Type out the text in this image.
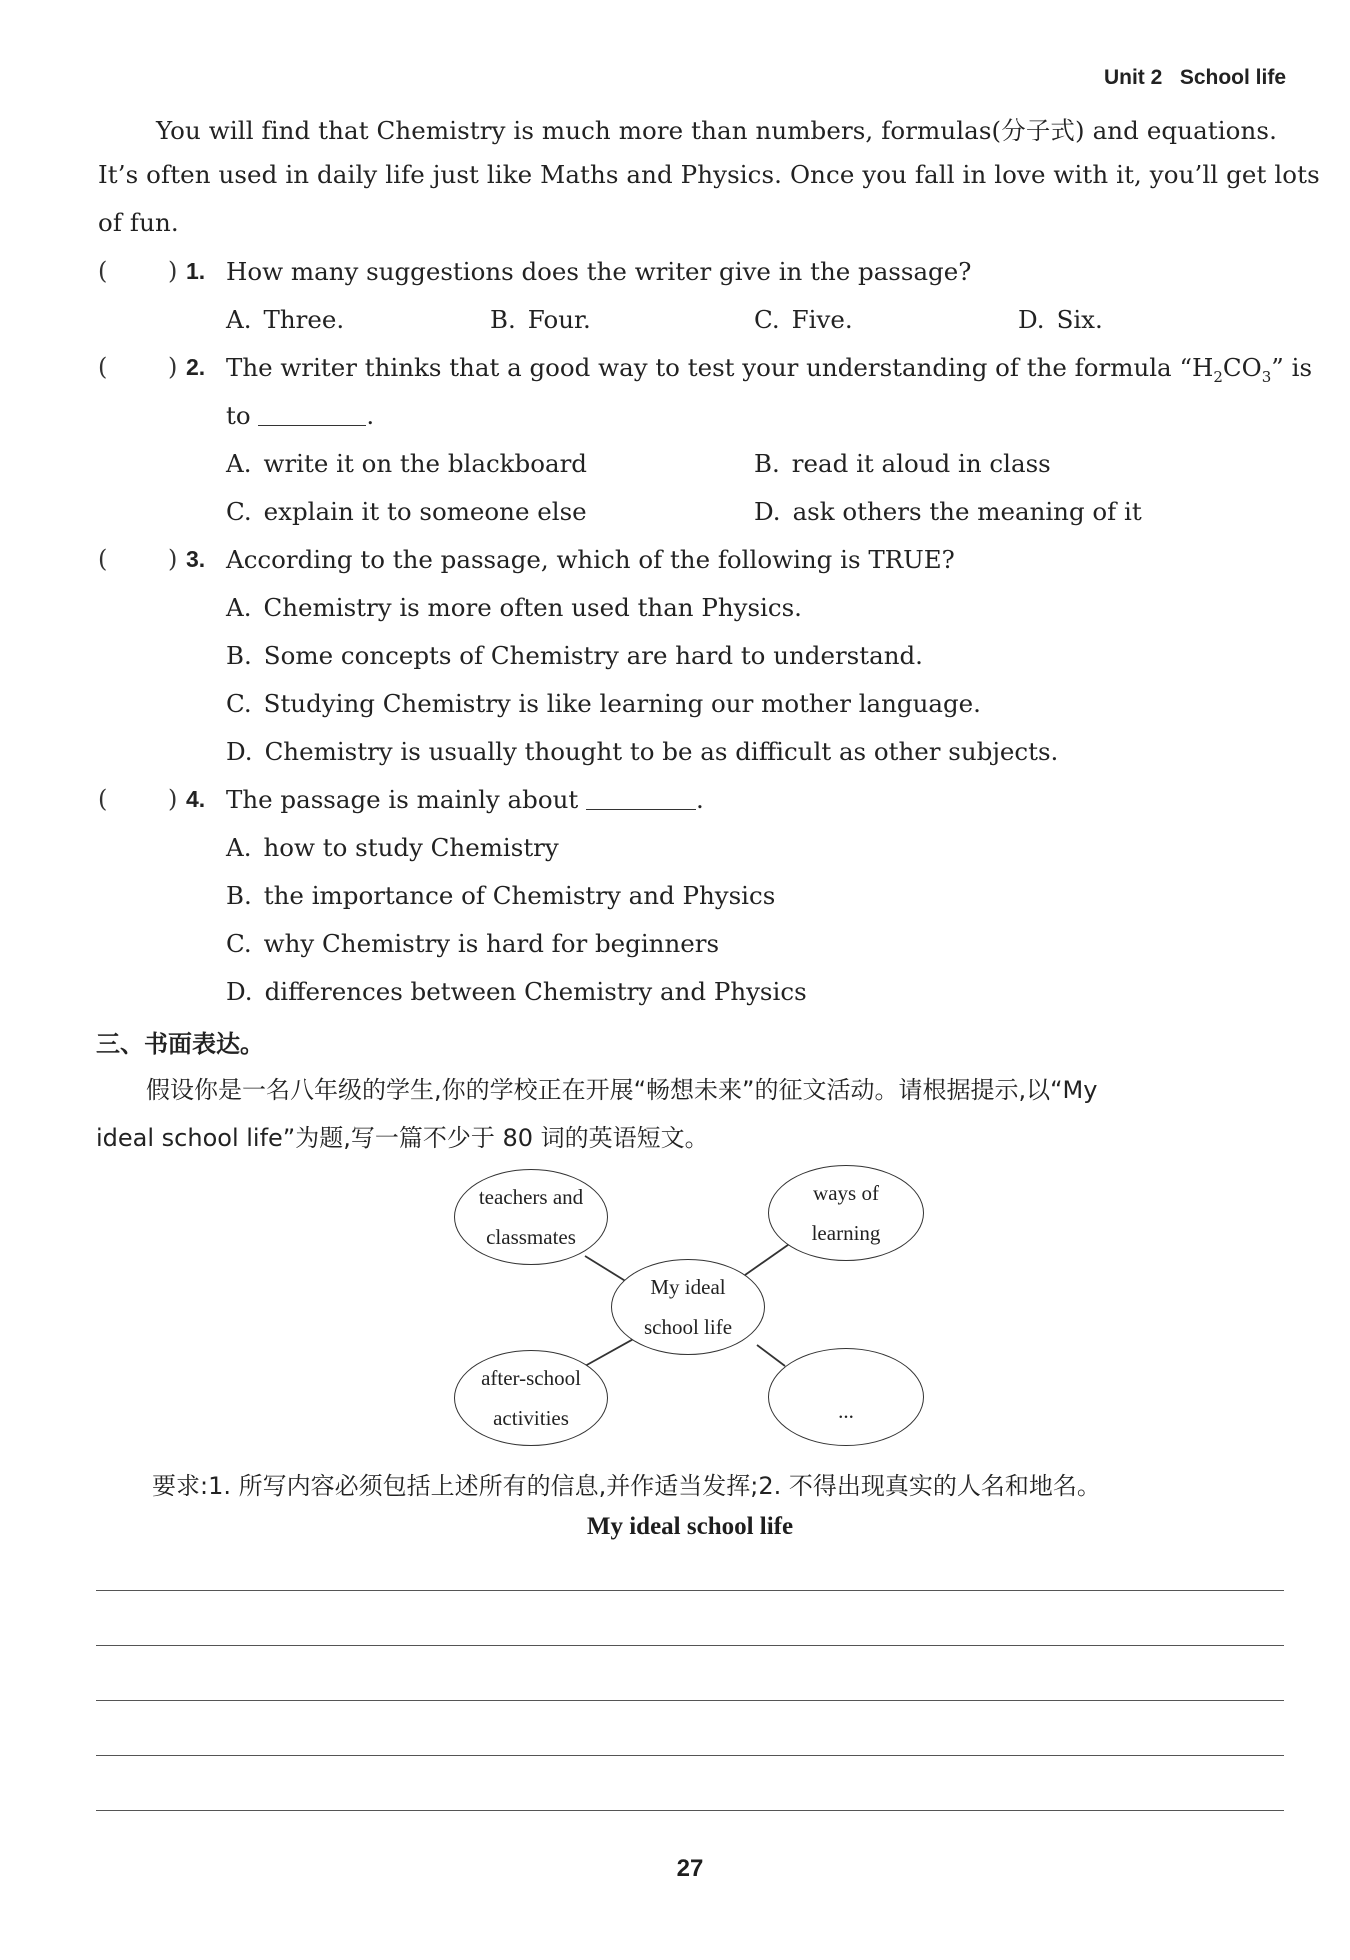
Unit 2 School life
You will find that Chemistry is much more than numbers, formulas(分子式) and equations.
It’s often used in daily life just like Maths and Physics. Once you fall in love with it, you’ll get lots
of fun.
(	) 1. How many suggestions does the writer give in the passage?
A. Three.	B. Four.	C. Five.	D. Six.
(	) 2. The writer thinks that a good way to test your understanding of the formula “$H_2CO_3$” is
to	.
A. write it on the blackboard	B. read it aloud in class
C. explain it to someone else	D. ask others the meaning of it
(	) 3. According to the passage, which of the following is TRUE?
A. Chemistry is more often used than Physics.
B. Some concepts of Chemistry are hard to understand.
C. Studying Chemistry is like learning our mother language.
D. Chemistry is usually thought to be as difficult as other subjects.
(	) 4. The passage is mainly about	.
A. how to study Chemistry
B. the importance of Chemistry and Physics
C. why Chemistry is hard for beginners
D. differences between Chemistry and Physics
三、书面表达。
假设你是一名八年级的学生,你的学校正在开展“畅想未来”的征文活动。请根据提示,以“My
ideal school life”为题,写一篇不少于 80 词的英语短文。
teachers and
classmates
ways of
learning
My ideal
school life
after-school
activities	...
要求:1. 所写内容必须包括上述所有的信息,并作适当发挥;2. 不得出现真实的人名和地名。
My ideal school life
27
